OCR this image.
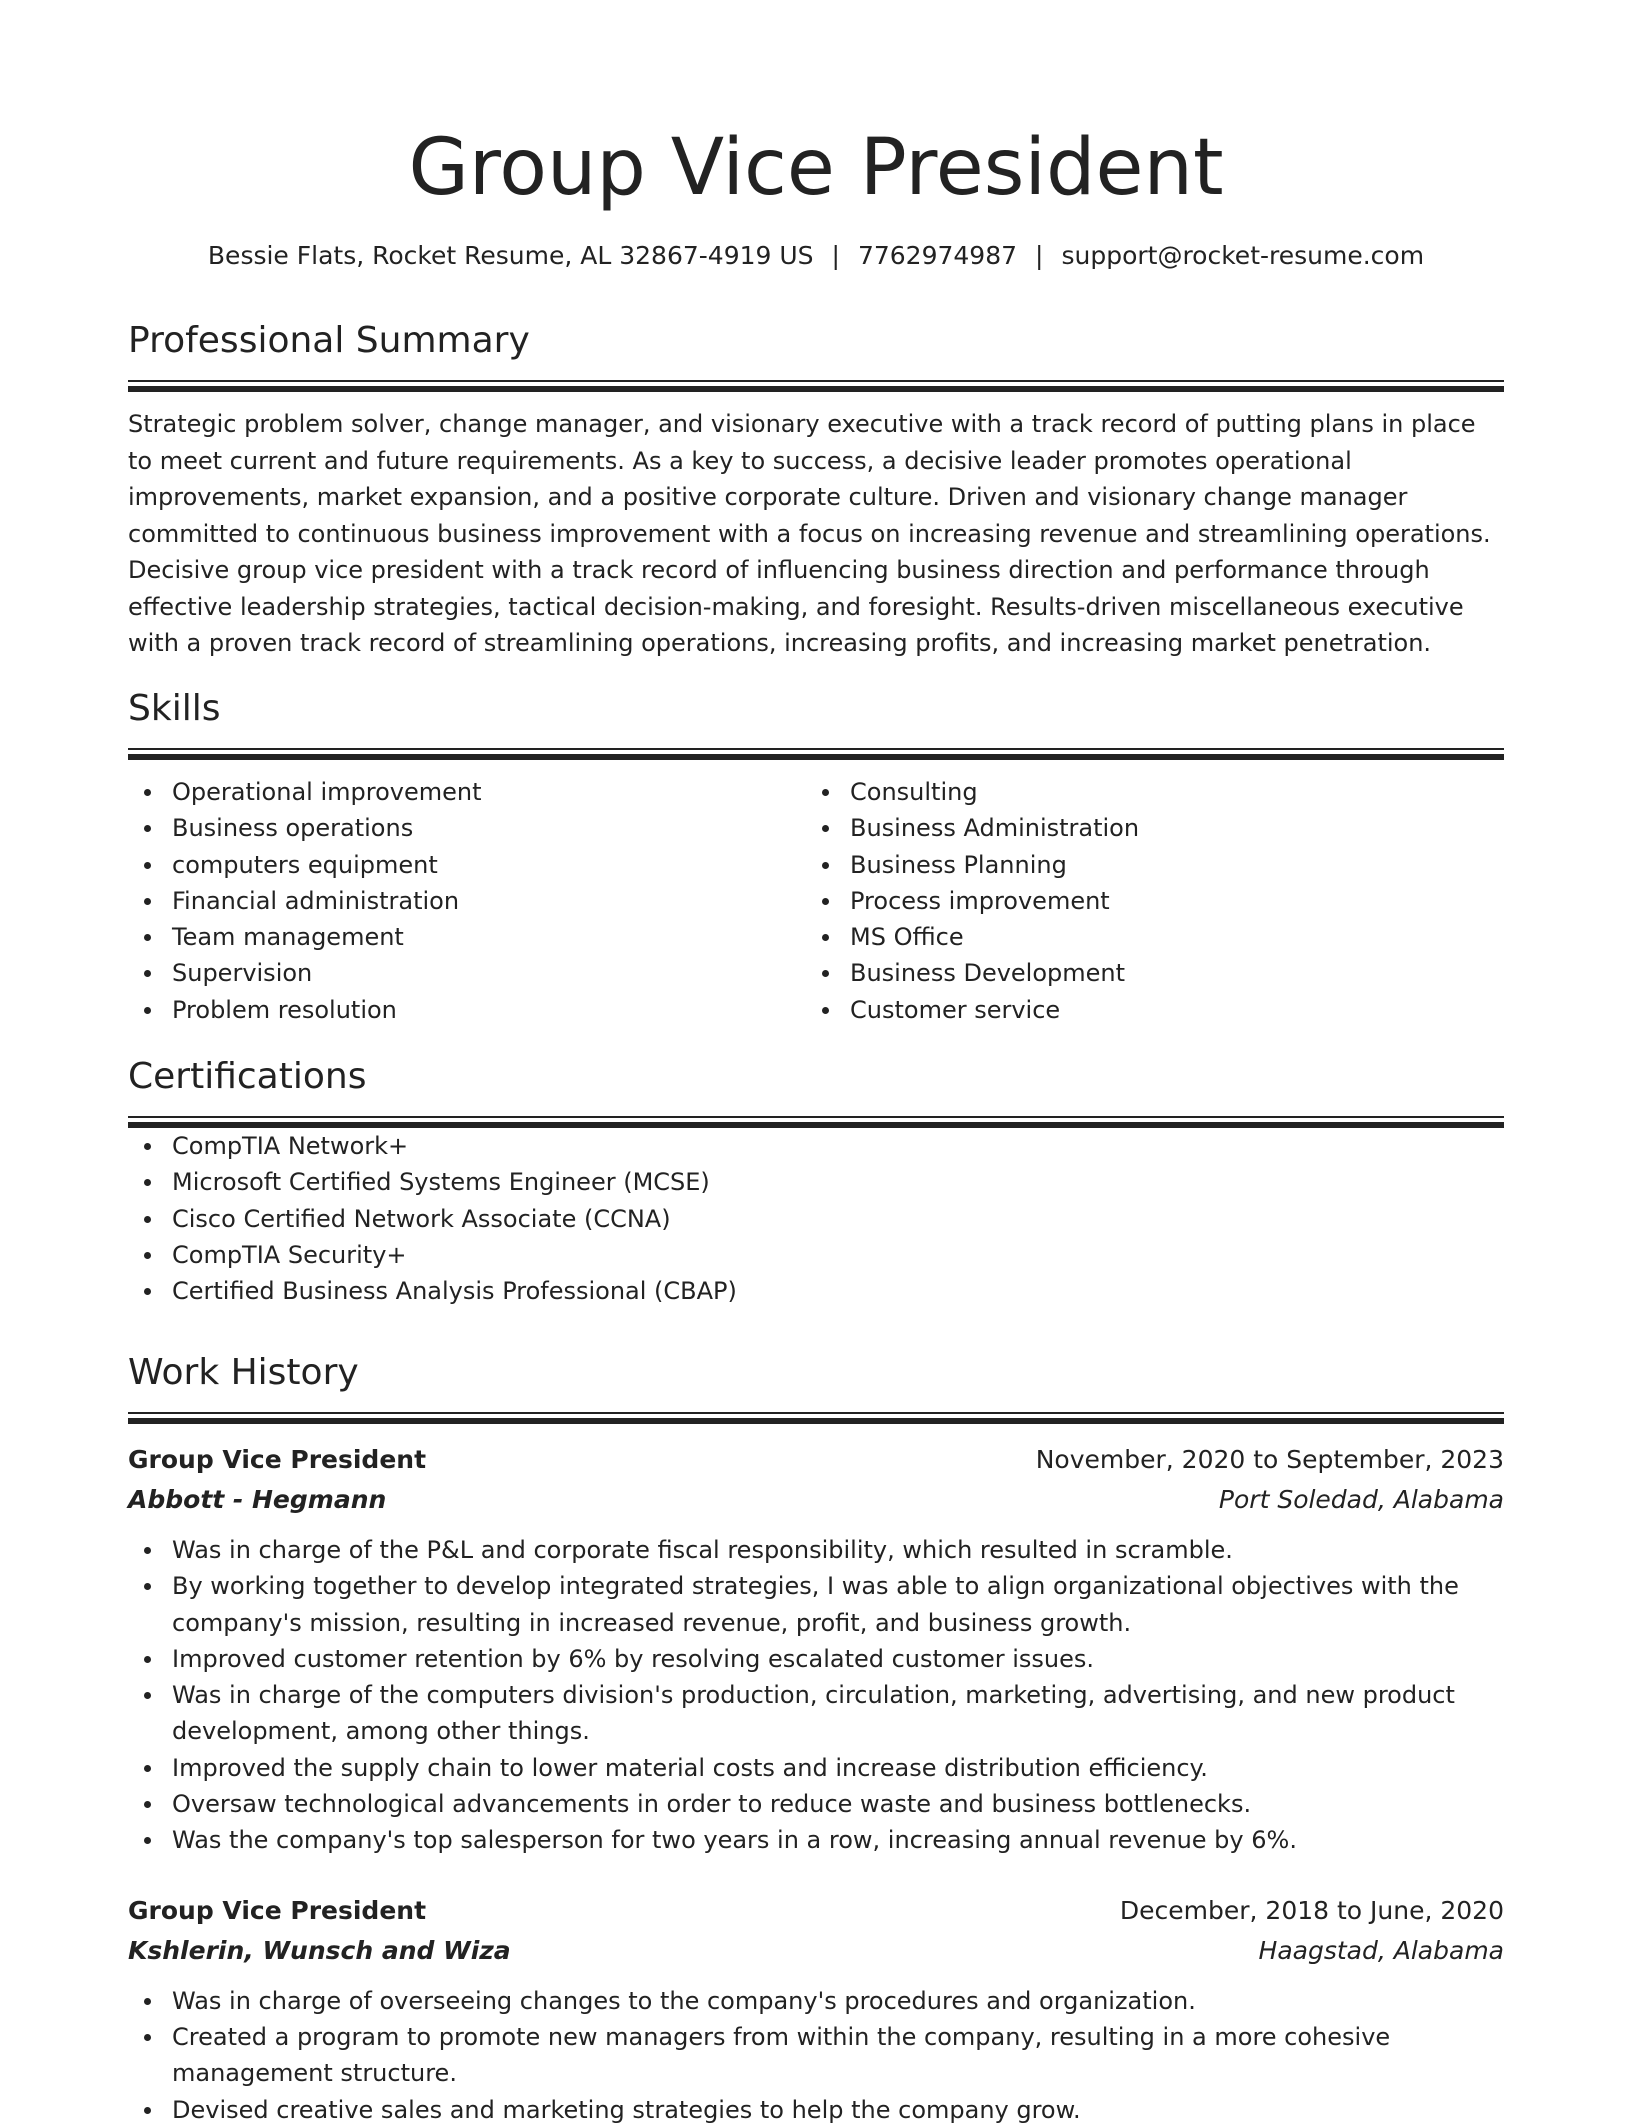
Group Vice President
Bessie Flats, Rocket Resume, AL 32867-4919 US | 7762974987 | support@rocket-resume.com
Professional Summary
Strategic problem solver, change manager, and visionary executive with a track record of putting plans in place to meet current and future requirements. As a key to success, a decisive leader promotes operational improvements, market expansion, and a positive corporate culture. Driven and visionary change manager committed to continuous business improvement with a focus on increasing revenue and streamlining operations. Decisive group vice president with a track record of influencing business direction and performance through effective leadership strategies, tactical decision-making, and foresight. Results-driven miscellaneous executive with a proven track record of streamlining operations, increasing profits, and increasing market penetration.
Skills
Operational improvement
Business operations
computers equipment
Financial administration
Team management
Supervision
Problem resolution
Consulting
Business Administration
Business Planning
Process improvement
MS Office
Business Development
Customer service
Certifications
CompTIA Network+
Microsoft Certified Systems Engineer (MCSE)
Cisco Certified Network Associate (CCNA)
CompTIA Security+
Certified Business Analysis Professional (CBAP)
Work History
Group Vice President	November, 2020 to September, 2023
Abbott - Hegmann	Port Soledad, Alabama
Was in charge of the P&L and corporate fiscal responsibility, which resulted in scramble.
By working together to develop integrated strategies, I was able to align organizational objectives with the company's mission, resulting in increased revenue, profit, and business growth.
Improved customer retention by 6% by resolving escalated customer issues.
Was in charge of the computers division's production, circulation, marketing, advertising, and new product development, among other things.
Improved the supply chain to lower material costs and increase distribution efficiency.
Oversaw technological advancements in order to reduce waste and business bottlenecks.
Was the company's top salesperson for two years in a row, increasing annual revenue by 6%.
Group Vice President	December, 2018 to June, 2020
Kshlerin, Wunsch and Wiza	Haagstad, Alabama
Was in charge of overseeing changes to the company's procedures and organization.
Created a program to promote new managers from within the company, resulting in a more cohesive management structure.
Devised creative sales and marketing strategies to help the company grow.
